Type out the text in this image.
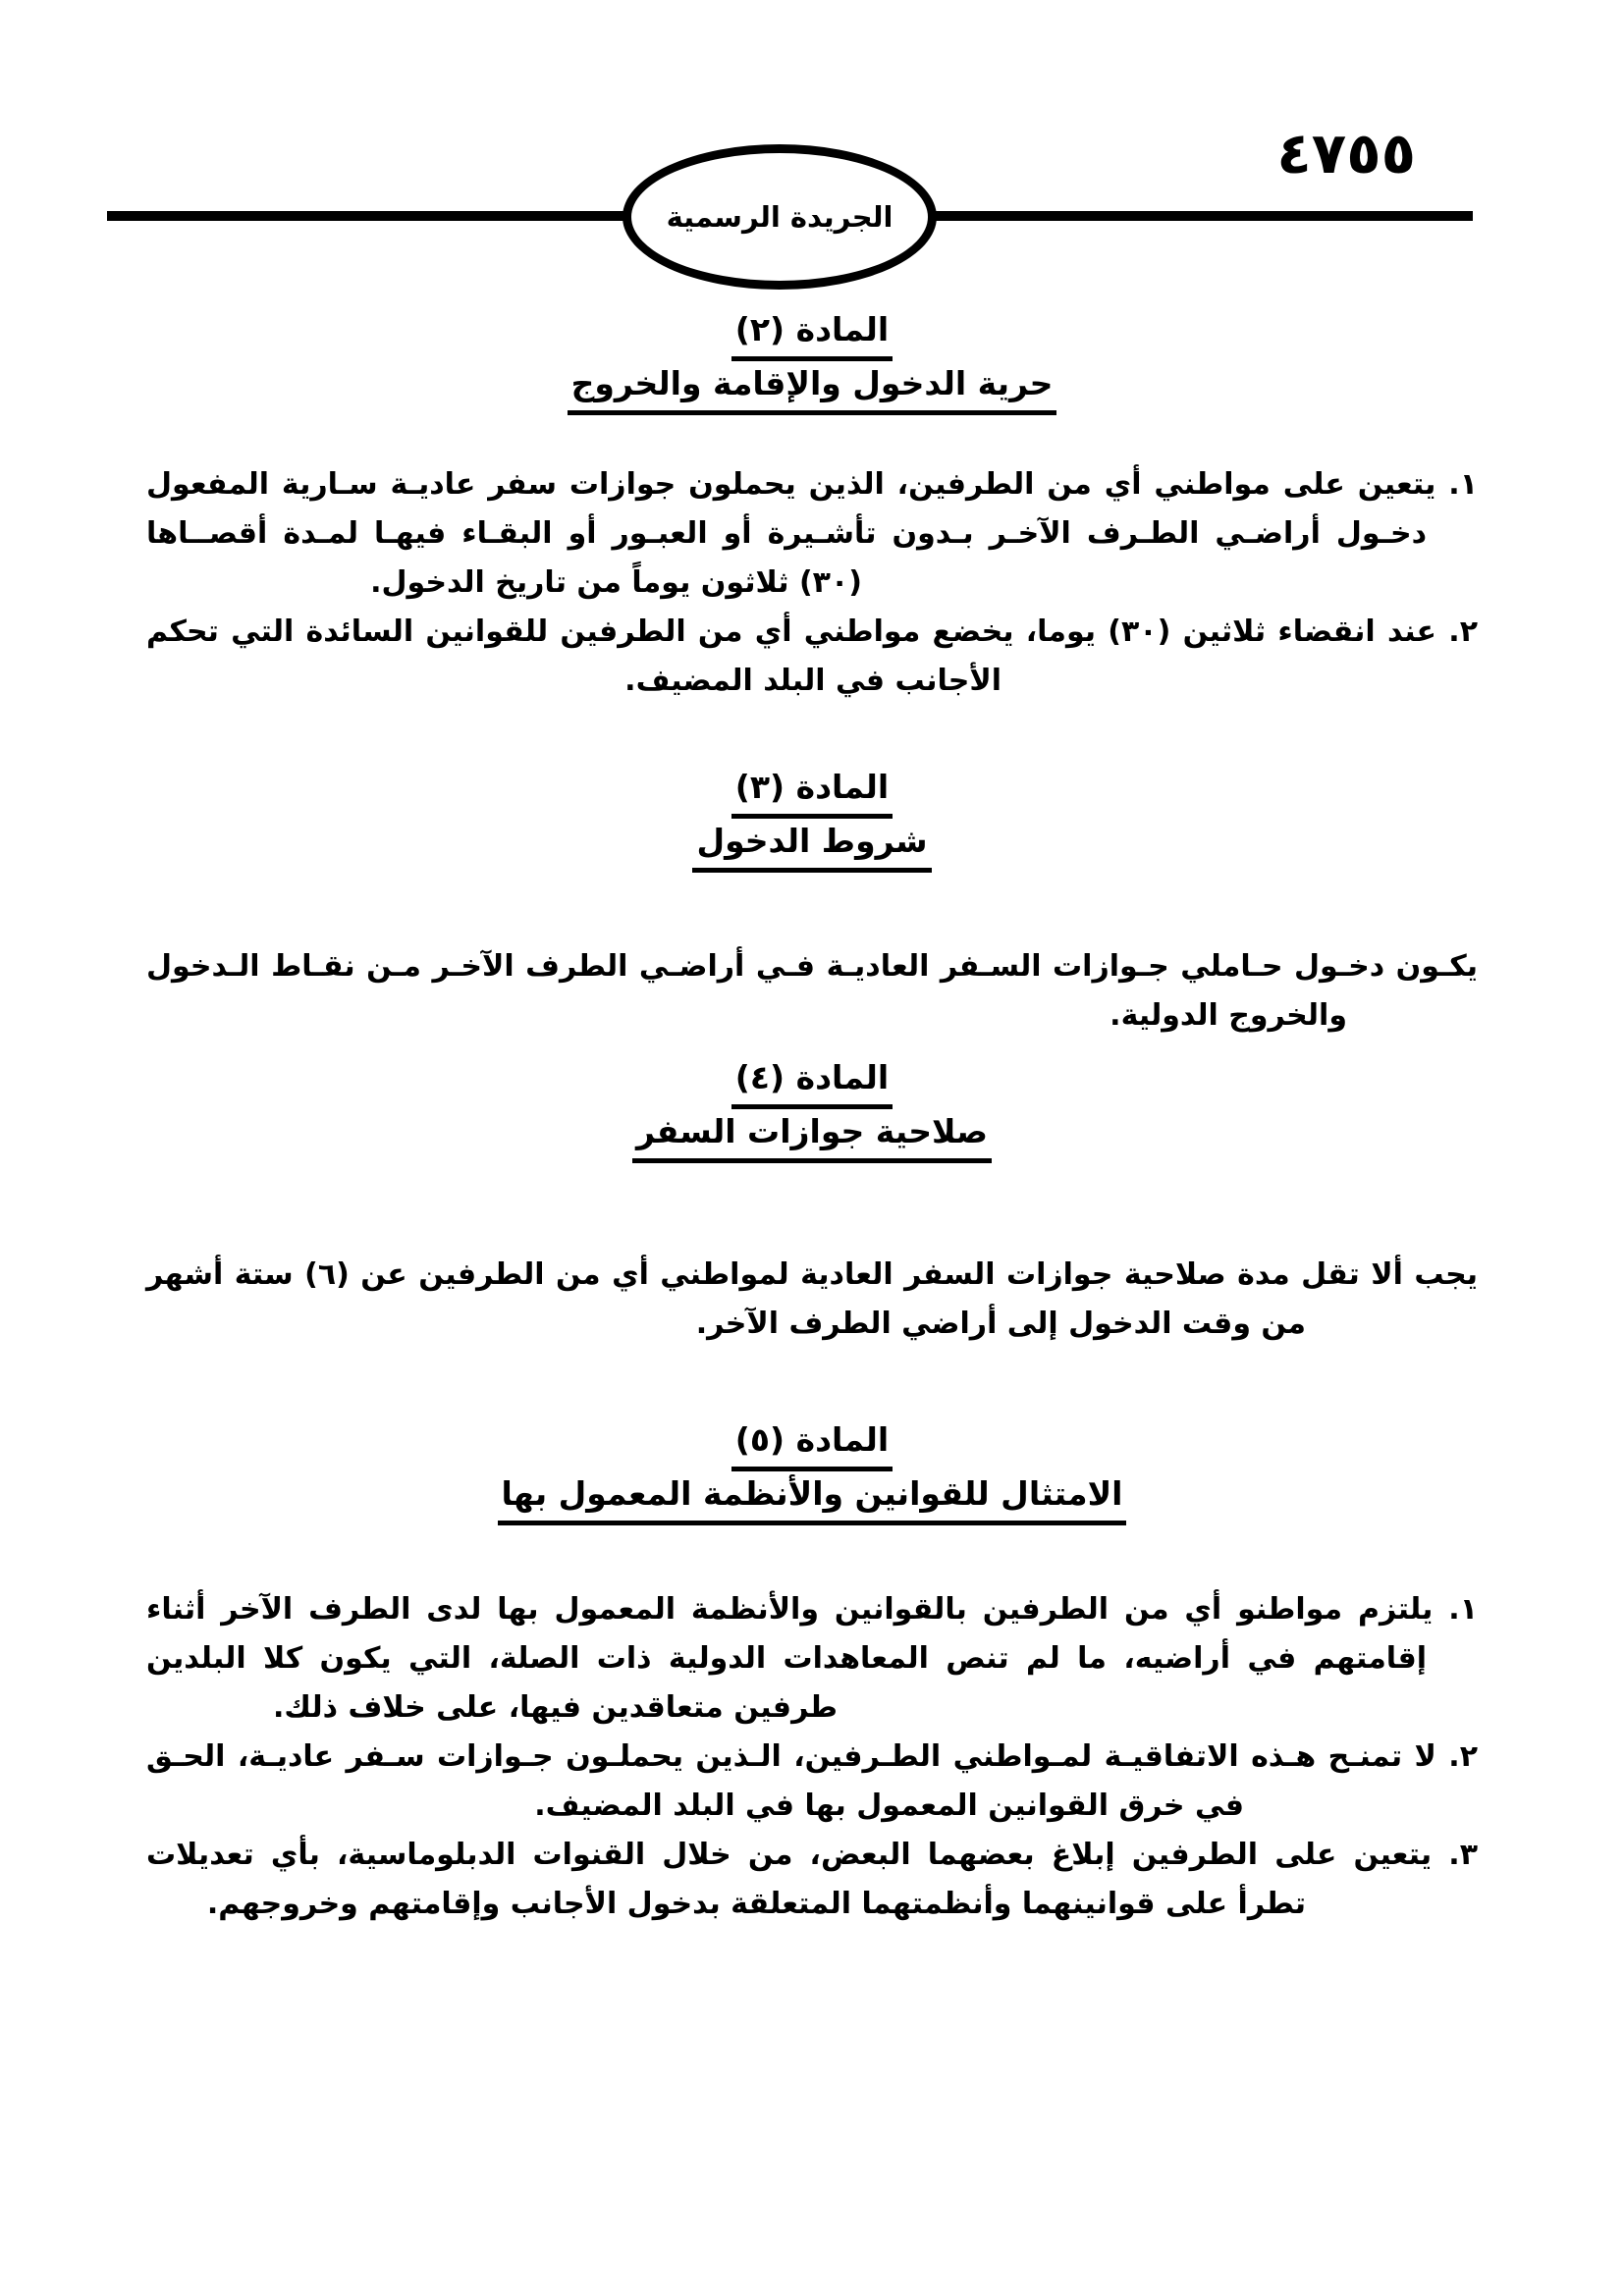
٤٧٥٥
الجريدة الرسمية
المادة (٢)
حرية الدخول والإقامة والخروج
١. يتعين على مواطني أي من الطرفين، الذين يحملون جوازات سفر عاديـة سـارية المفعول
دخـول أراضـي الطـرف الآخـر بـدون تأشـيرة أو العبـور أو البقـاء فيهـا لمـدة أقصــاها
(٣٠) ثلاثون يوماً من تاريخ الدخول.
٢. عند انقضاء ثلاثين (٣٠) يوما، يخضع مواطني أي من الطرفين للقوانين السائدة التي تحكم
الأجانب في البلد المضيف.
المادة (٣)
شروط الدخول
يكـون دخـول حـاملي جـوازات السـفر العاديـة فـي أراضـي الطرف الآخـر مـن نقـاط الـدخول
والخروج الدولية.
المادة (٤)
صلاحية جوازات السفر
يجب ألا تقل مدة صلاحية جوازات السفر العادية لمواطني أي من الطرفين عن (٦) ستة أشهر
من وقت الدخول إلى أراضي الطرف الآخر.
المادة (٥)
الامتثال للقوانين والأنظمة المعمول بها
١. يلتزم مواطنو أي من الطرفين بالقوانين والأنظمة المعمول بها لدى الطرف الآخر أثناء
إقامتهم في أراضيه، ما لم تنص المعاهدات الدولية ذات الصلة، التي يكون كلا البلدين
طرفين متعاقدين فيها، على خلاف ذلك.
٢. لا تمنـح هـذه الاتفاقيـة لمـواطني الطـرفين، الـذين يحملـون جـوازات سـفر عاديـة، الحـق
في خرق القوانين المعمول بها في البلد المضيف.
٣. يتعين على الطرفين إبلاغ بعضهما البعض، من خلال القنوات الدبلوماسية، بأي تعديلات
تطرأ على قوانينهما وأنظمتهما المتعلقة بدخول الأجانب وإقامتهم وخروجهم.
